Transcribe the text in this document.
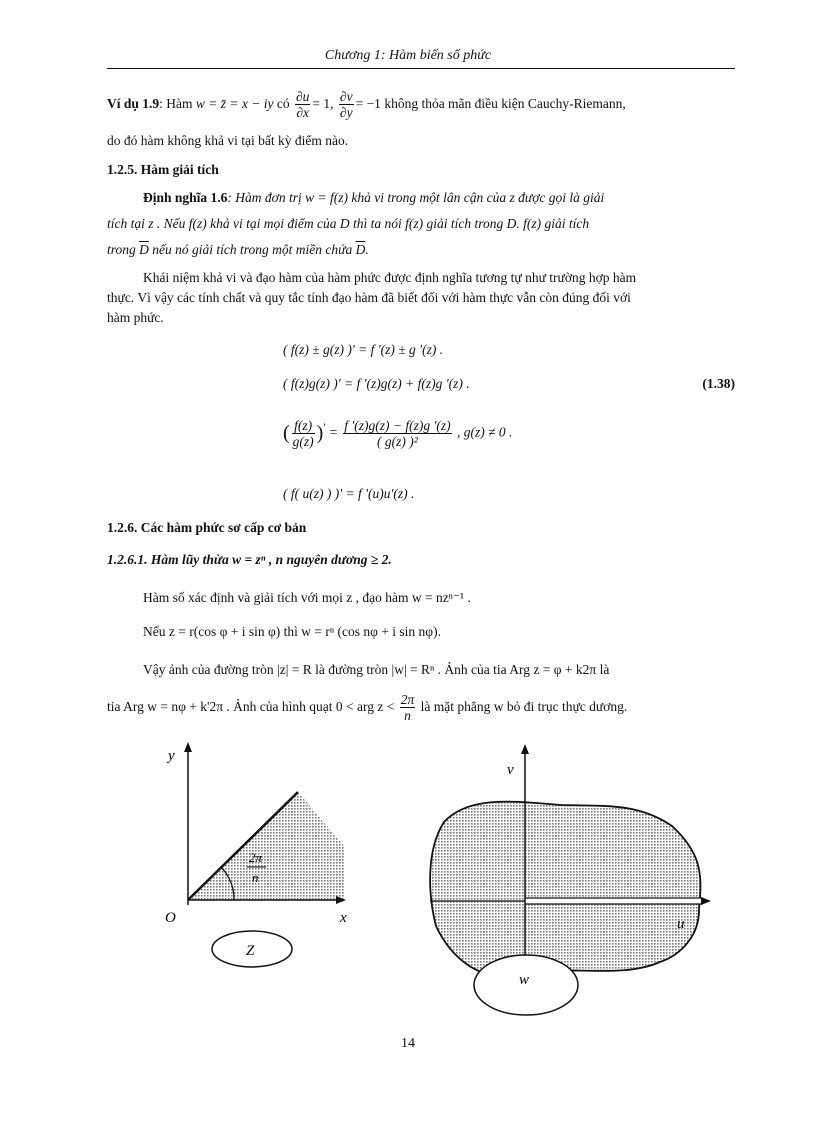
Chương 1: Hàm biến số phức
Ví dụ 1.9: Hàm w = z̄ = x − iy có $\frac{\partial u}{\partial x} = 1$, $\frac{\partial v}{\partial y} = -1$ không thỏa mãn điều kiện Cauchy-Riemann,
do đó hàm không khả vi tại bất kỳ điểm nào.
1.2.5. Hàm giải tích
Định nghĩa 1.6: Hàm đơn trị w = f(z) khả vi trong một lân cận của z được gọi là giải
tích tại z . Nếu f(z) khả vi tại mọi điểm của D thì ta nói f(z) giải tích trong D. f(z) giải tích
trong $\overline{D}$ nếu nó giải tích trong một miền chứa $\overline{D}$.
Khái niệm khả vi và đạo hàm của hàm phức được định nghĩa tương tự như trường hợp hàm
thực. Vì vậy các tính chất và quy tắc tính đạo hàm đã biết đối với hàm thực vẫn còn đúng đối với
hàm phức.
( f(z) ± g(z) )' = f '(z) ± g '(z) .
( f(z)g(z) )' = f '(z)g(z) + f(z)g '(z) .	(1.38)
( $\frac{f(z)}{g(z)} )' = \frac{f '(z)g(z) - f(z)g '(z)}{\text{( g(z) )²}}$ , g(z) ≠ 0 .
( f( u(z) ) )' = f '(u)u'(z) .
1.2.6. Các hàm phức sơ cấp cơ bản
1.2.6.1. Hàm lũy thừa w = zⁿ , n nguyên dương ≥ 2.
Hàm số xác định và giải tích với mọi z , đạo hàm w = nzⁿ⁻¹ .
Nếu z = r(cos φ + i sin φ) thì w = rⁿ (cos nφ + i sin nφ).
Vậy ảnh của đường tròn |z| = R là đường tròn |w| = Rⁿ . Ảnh của tia Arg z = φ + k2π là
tia Arg w = nφ + k'2π . Ảnh của hình quạt 0 < arg $z < \frac{2\pi}{n}$ là mặt phẳng w bỏ đi trục thực dương.
y
x
O
2π
n
Z
v
u
w
14
